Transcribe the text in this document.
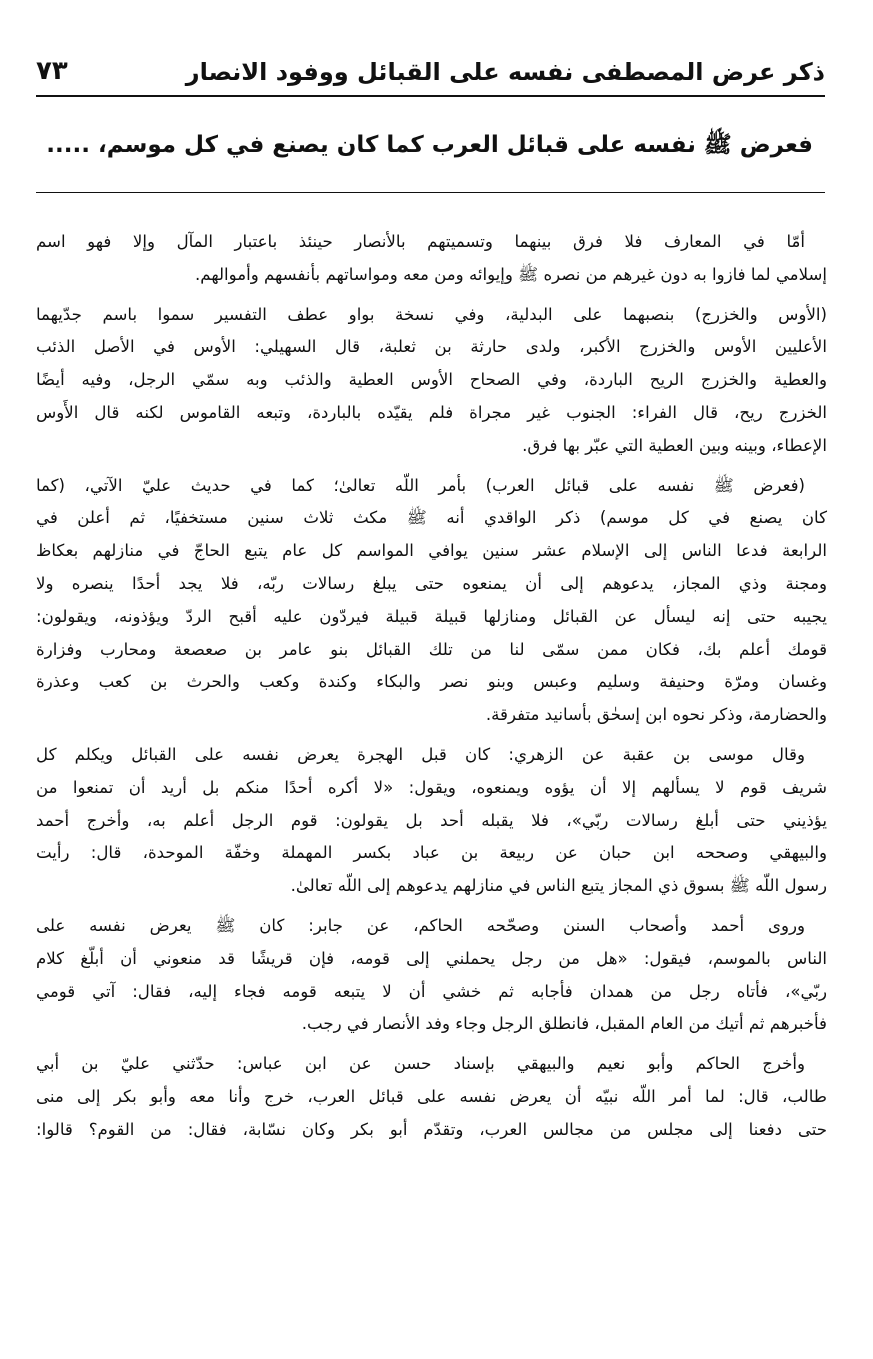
ذكر عرض المصطفى نفسه على القبائل ووفود الانصار
٧٣
فعرض ﷺ نفسه على قبائل العرب كما كان يصنع في كل موسم، .....
أمّا في المعارف فلا فرق بينهما وتسميتهم بالأنصار حينئذ باعتبار المآل وإلا فهو اسم
إسلامي لما فازوا به دون غيرهم من نصره ﷺ وإيوائه ومن معه ومواساتهم بأنفسهم وأموالهم.
(الأوس والخزرج) بنصبهما على البدلية، وفي نسخة بواو عطف التفسير سموا باسم جدّيهما
الأعليين الأوس والخزرج الأكبر، ولدى حارثة بن ثعلبة، قال السهيلي: الأوس في الأصل الذئب
والعطية والخزرج الريح الباردة، وفي الصحاح الأوس العطية والذئب وبه سمّي الرجل، وفيه أيضًا
الخزرج ريح، قال الفراء: الجنوب غير مجراة فلم يقيّده بالباردة، وتبعه القاموس لكنه قال الأَوس
الإعطاء، وبينه وبين العطية التي عبّر بها فرق.
(فعرض ﷺ نفسه على قبائل العرب) بأمر اللّه تعالىٰ؛ كما في حديث عليّ الآتي، (كما
كان يصنع في كل موسم) ذكر الواقدي أنه ﷺ مكث ثلاث سنين مستخفيًا، ثم أعلن في
الرابعة فدعا الناس إلى الإسلام عشر سنين يوافي المواسم كل عام يتبع الحاجّ في منازلهم بعكاظ
ومجنة وذي المجاز، يدعوهم إلى أن يمنعوه حتى يبلغ رسالات ربّه، فلا يجد أحدًا ينصره ولا
يجيبه حتى إنه ليسأل عن القبائل ومنازلها قبيلة قبيلة فيردّون عليه أقبح الردّ ويؤذونه، ويقولون:
قومك أعلم بك، فكان ممن سمّى لنا من تلك القبائل بنو عامر بن صعصعة ومحارب وفزارة
وغسان ومرّة وحنيفة وسليم وعبس وبنو نصر والبكاء وكندة وكعب والحرث بن كعب وعذرة
والحضارمة، وذكر نحوه ابن إسحٰق بأسانيد متفرقة.
وقال موسى بن عقبة عن الزهري: كان قبل الهجرة يعرض نفسه على القبائل ويكلم كل
شريف قوم لا يسألهم إلا أن يؤوه ويمنعوه، ويقول: «لا أكره أحدًا منكم بل أريد أن تمنعوا من
يؤذيني حتى أبلغ رسالات ربّي»، فلا يقبله أحد بل يقولون: قوم الرجل أعلم به، وأخرج أحمد
والبيهقي وصححه ابن حبان عن ربيعة بن عباد بكسر المهملة وخفّة الموحدة، قال: رأيت
رسول اللّه ﷺ بسوق ذي المجاز يتبع الناس في منازلهم يدعوهم إلى اللّه تعالىٰ.
وروى أحمد وأصحاب السنن وصحّحه الحاكم، عن جابر: كان ﷺ يعرض نفسه على
الناس بالموسم، فيقول: «هل من رجل يحملني إلى قومه، فإن قريشًا قد منعوني أن أبلّغ كلام
ربّي»، فأتاه رجل من همدان فأجابه ثم خشي أن لا يتبعه قومه فجاء إليه، فقال: آتي قومي
فأخبرهم ثم أتيك من العام المقبل، فانطلق الرجل وجاء وفد الأنصار في رجب.
وأخرج الحاكم وأبو نعيم والبيهقي بإسناد حسن عن ابن عباس: حدّثني عليّ بن أبي
طالب، قال: لما أمر اللّه نبيّه أن يعرض نفسه على قبائل العرب، خرج وأنا معه وأبو بكر إلى منى
حتى دفعنا إلى مجلس من مجالس العرب، وتقدّم أبو بكر وكان نسّابة، فقال: من القوم؟ قالوا:
